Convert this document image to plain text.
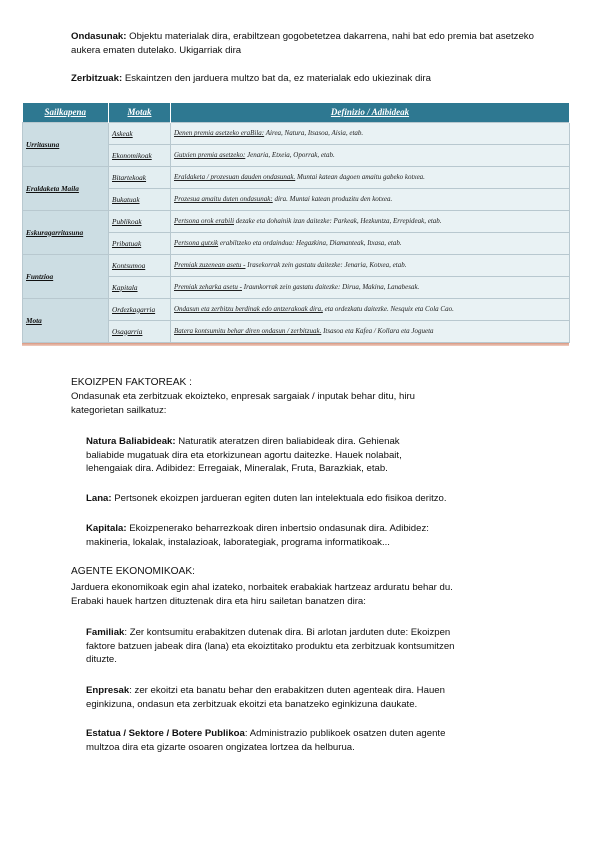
Ondasunak: Objektu materialak dira, erabiltzean gogobetetzea dakarrena, nahi bat edo premia bat asetzeko aukera ematen dutelako. Ukigarriak dira
Zerbitzuak: Eskaintzen den jarduera multzo bat da, ez materialak edo ukiezinak dira
Sailkapena	Motak	Definizio / Adibideak
Urritasuna	Askeak	Denen premia asetzeko eraBila: Airea, Natura, Itsasoa, Aisia, etab.
	Ekonomikoak	Gutxien premia asetzeko: Jenaria, Etxeia, Oporrak, etab.
Eraldaketa Maila	Bitartekoak	Eraldaketa / prozesuan dauden ondasunak. Muntai katean dagoen amaitu gabeko kotxea.
	Bukatuak	Prozesua amaitu duten ondasunak: dira. Muntai katean produzitu den kotxea.
Eskuragarritasuna	Publikoak	Pertsona orok erabili dezake eta dohainik izan daitezke: Parkeak, Hezkuntza, Errepideak, etab.
	Pribatuak	Pertsona gutxik erabiltzeko eta ordaindua: Hegazkina, Diamanteak, Itxasa, etab.
Funtzioa	Kontsumoa	Premiak zuzenean asetu - Irasekorrak zein gastatu daitezke: Jenaria, Kotxea, etab.
	Kapitala	Premiak zeharka asetu - Iraunkorrak zein gastatu daitezke: Dirua, Makina, Lanabesak.
Mota	Ordezkagarria	Ondasun eta zerbitzu berdinak edo antzerakoak dira, eta ordezkatu daitezke. Nesquix eta Cola Cao.
	Osagarria	Batera kontsumitu behar diren ondasun / zerbitzuak. Itsasoa eta Kafea / Kollara eta Jogueta
EKOIZPEN FAKTOREAK :
Ondasunak eta zerbitzuak ekoizteko, enpresak sargaiak / inputak behar ditu, hiru
kategorietan sailkatuz:
Natura Baliabideak: Naturatik ateratzen diren baliabideak dira. Gehienak
baliabide mugatuak dira eta etorkizunean agortu daitezke. Hauek nolabait,
lehengaiak dira. Adibidez: Erregaiak, Mineralak, Fruta, Barazkiak, etab.
Lana: Pertsonek ekoizpen jardueran egiten duten lan intelektuala edo fisikoa deritzo.
Kapitala: Ekoizpenerako beharrezkoak diren inbertsio ondasunak dira. Adibidez:
makineria, lokalak, instalazioak, laborategiak, programa informatikoak...
AGENTE EKONOMIKOAK:
Jarduera ekonomikoak egin ahal izateko, norbaitek erabakiak hartzeaz arduratu behar du.
Erabaki hauek hartzen dituztenak dira eta hiru sailetan banatzen dira:
Familiak: Zer kontsumitu erabakitzen dutenak dira. Bi arlotan jarduten dute: Ekoizpen
faktore batzuen jabeak dira (lana) eta ekoiztitako produktu eta zerbitzuak kontsumitzen
dituzte.
Enpresak: zer ekoitzi eta banatu behar den erabakitzen duten agenteak dira. Hauen
eginkizuna, ondasun eta zerbitzuak ekoitzi eta banatzeko eginkizuna daukate.
Estatua / Sektore / Botere Publikoa: Administrazio publikoek osatzen duten agente
multzoa dira eta gizarte osoaren ongizatea lortzea da helburua.
